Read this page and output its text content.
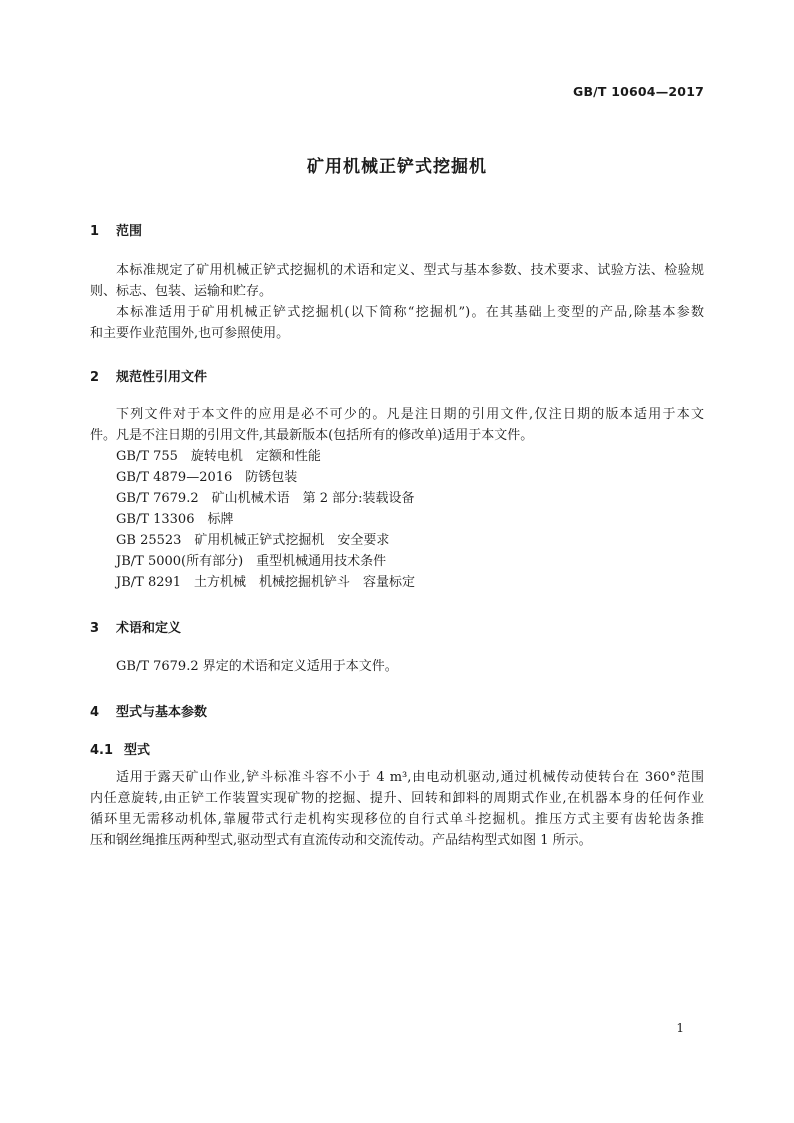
GB/T 10604—2017
矿用机械正铲式挖掘机
1 范围
本标准规定了矿用机械正铲式挖掘机的术语和定义、型式与基本参数、技术要求、试验方法、检验规
则、标志、包装、运输和贮存。
本标准适用于矿用机械正铲式挖掘机(以下简称“挖掘机”)。在其基础上变型的产品,除基本参数
和主要作业范围外,也可参照使用。
2 规范性引用文件
下列文件对于本文件的应用是必不可少的。凡是注日期的引用文件,仅注日期的版本适用于本文
件。凡是不注日期的引用文件,其最新版本(包括所有的修改单)适用于本文件。
GB/T 755　旋转电机　定额和性能
GB/T 4879—2016　防锈包装
GB/T 7679.2　矿山机械术语　第 2 部分:装载设备
GB/T 13306　标牌
GB 25523　矿用机械正铲式挖掘机　安全要求
JB/T 5000(所有部分)　重型机械通用技术条件
JB/T 8291　土方机械　机械挖掘机铲斗　容量标定
3 术语和定义
GB/T 7679.2 界定的术语和定义适用于本文件。
4 型式与基本参数
4.1 型式
适用于露天矿山作业,铲斗标准斗容不小于 4 m³,由电动机驱动,通过机械传动使转台在 360°范围
内任意旋转,由正铲工作装置实现矿物的挖掘、提升、回转和卸料的周期式作业,在机器本身的任何作业
循环里无需移动机体,靠履带式行走机构实现移位的自行式单斗挖掘机。推压方式主要有齿轮齿条推
压和钢丝绳推压两种型式,驱动型式有直流传动和交流传动。产品结构型式如图 1 所示。
1
